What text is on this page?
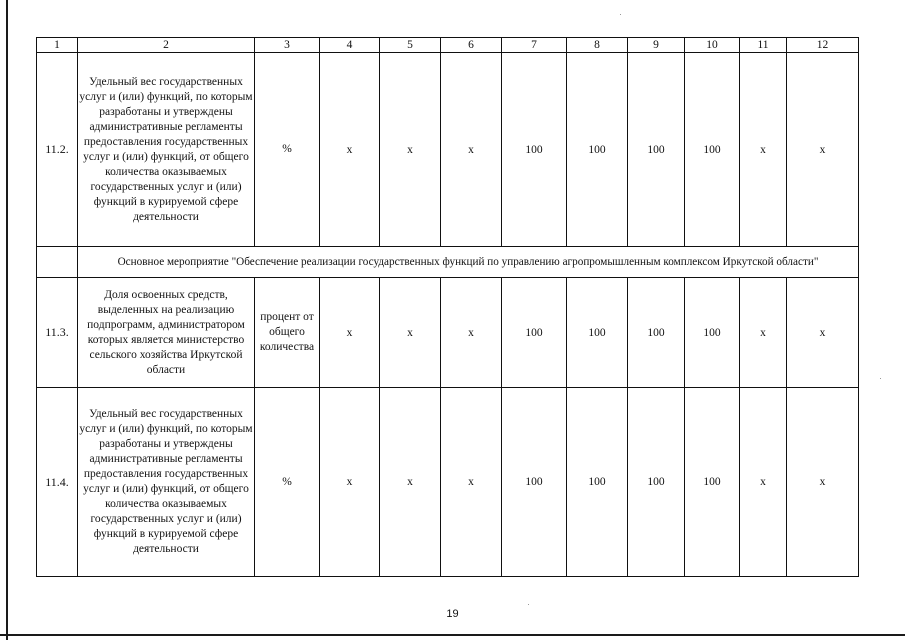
1	2	3	4	5	6	7	8	9	10	11	12
11.2.	Удельный вес государственных услуг и (или) функций, по которым разработаны и утверждены административные регламенты предоставления государственных услуг и (или) функций, от общего количества оказываемых государственных услуг и (или) функций в курируемой сфере деятельности	%	x	x	x	100	100	100	100	x	x
	Основное мероприятие "Обеспечение реализации государственных функций по управлению агропромышленным комплексом Иркутской области"										
11.3.	Доля освоенных средств, выделенных на реализацию подпрограмм, администратором которых является министерство сельского хозяйства Иркутской области	процент от общего количества	x	x	x	100	100	100	100	x	x
11.4.	Удельный вес государственных услуг и (или) функций, по которым разработаны и утверждены административные регламенты предоставления государственных услуг и (или) функций, от общего количества оказываемых государственных услуг и (или) функций в курируемой сфере деятельности	%	x	x	x	100	100	100	100	x	x
19
